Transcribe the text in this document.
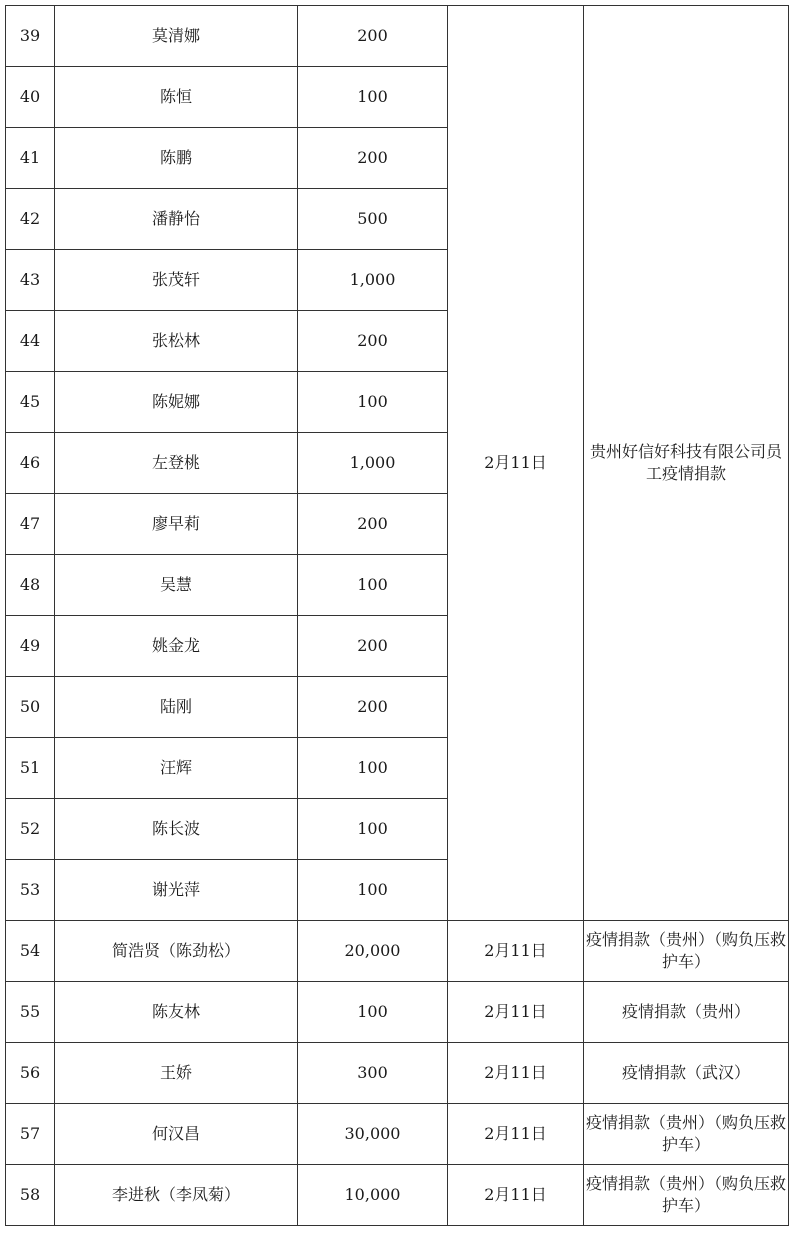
39	莫清娜	200	2月11日	贵州好信好科技有限公司员工疫情捐款
40	陈恒	100		
41	陈鹏	200		
42	潘静怡	500		
43	张茂轩	1,000		
44	张松林	200		
45	陈妮娜	100		
46	左登桃	1,000		
47	廖早莉	200		
48	吴慧	100		
49	姚金龙	200		
50	陆刚	200		
51	汪辉	100		
52	陈长波	100		
53	谢光萍	100		
54	简浩贤（陈劲松）	20,000	2月11日	疫情捐款（贵州）（购负压救护车）
55	陈友林	100	2月11日	疫情捐款（贵州）
56	王娇	300	2月11日	疫情捐款（武汉）
57	何汉昌	30,000	2月11日	疫情捐款（贵州）（购负压救护车）
58	李进秋（李凤菊）	10,000	2月11日	疫情捐款（贵州）（购负压救护车）
